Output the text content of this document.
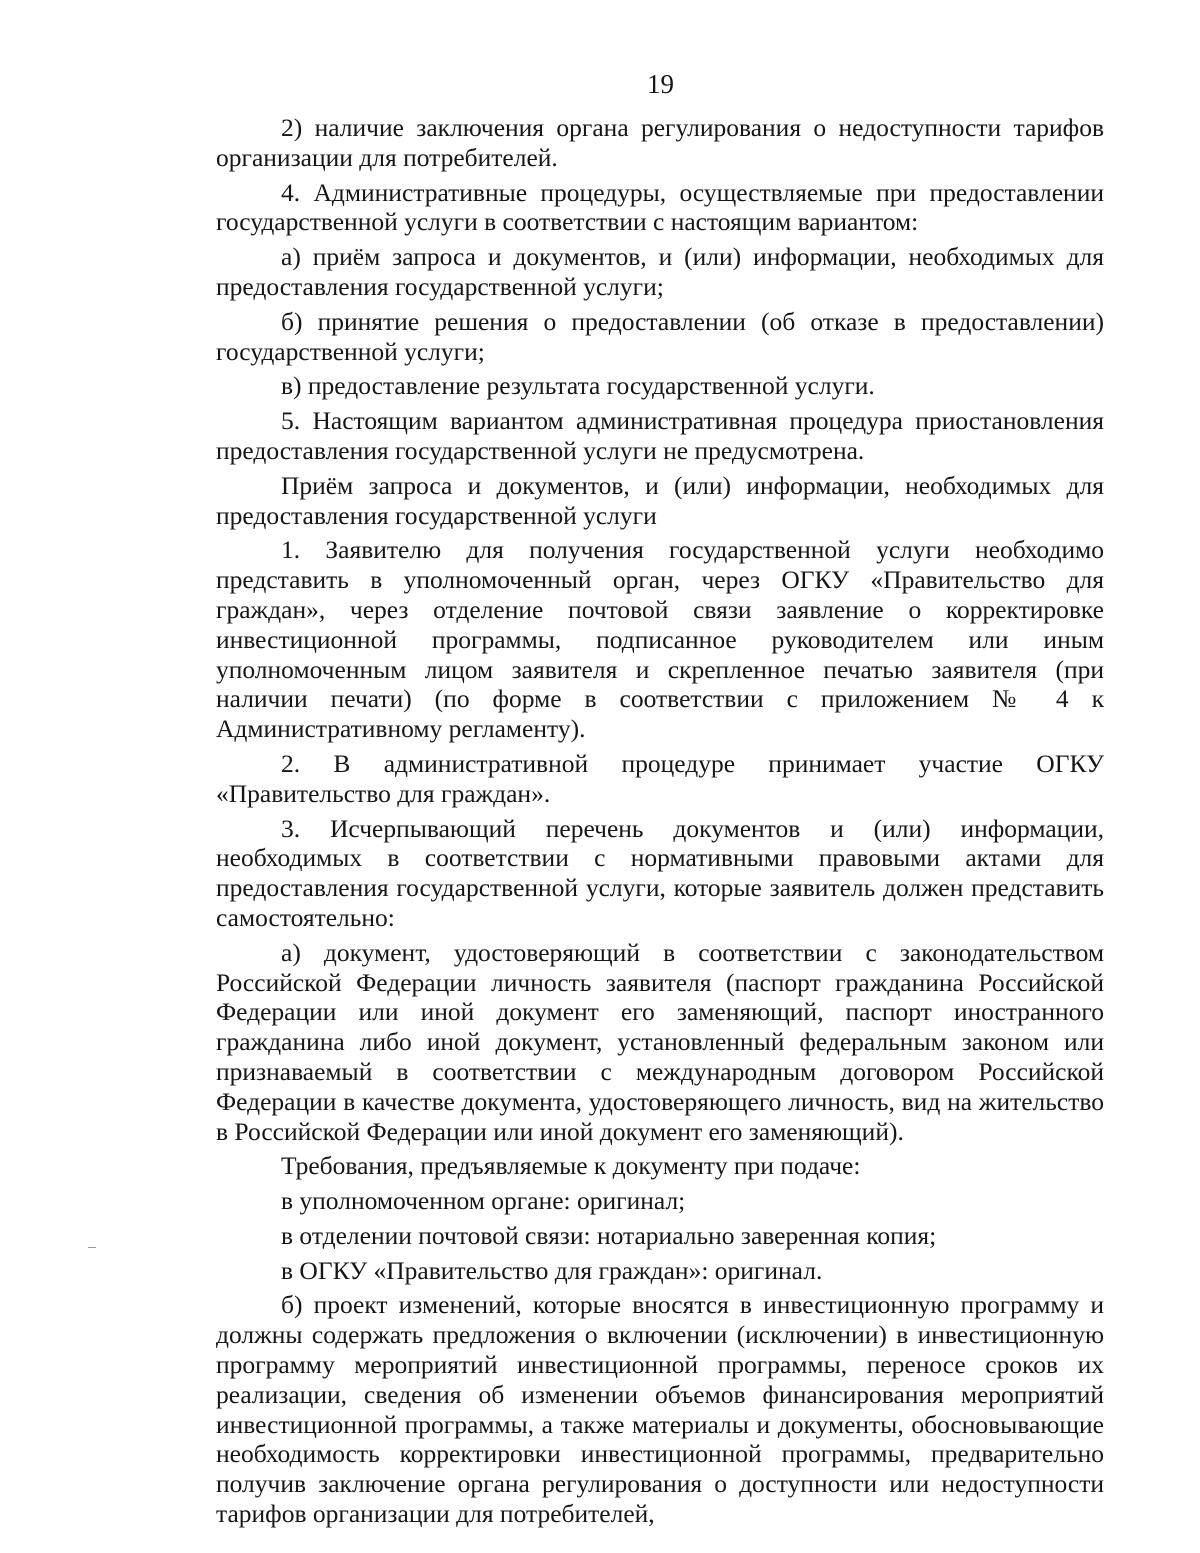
19

2) наличие заключения органа регулирования о недоступности тарифов организации для потребителей.

4. Административные процедуры, осуществляемые при предоставлении государственной услуги в соответствии с настоящим вариантом:

а) приём запроса и документов, и (или) информации, необходимых для предоставления государственной услуги;

б) принятие решения о предоставлении (об отказе в предоставлении) государственной услуги;

в) предоставление результата государственной услуги.

5. Настоящим вариантом административная процедура приостановления предоставления государственной услуги не предусмотрена.

Приём запроса и документов, и (или) информации, необходимых для предоставления государственной услуги

1. Заявителю для получения государственной услуги необходимо представить в уполномоченный орган, через ОГКУ «Правительство для граждан», через отделение почтовой связи заявление о корректировке инвестиционной программы, подписанное руководителем или иным уполномоченным лицом заявителя и скрепленное печатью заявителя (при наличии печати) (по форме в соответствии с приложением № 4 к Административному регламенту).

2. В административной процедуре принимает участие ОГКУ «Правительство для граждан».

3. Исчерпывающий перечень документов и (или) информации, необходимых в соответствии с нормативными правовыми актами для предоставления государственной услуги, которые заявитель должен представить самостоятельно:

а) документ, удостоверяющий в соответствии с законодательством Российской Федерации личность заявителя (паспорт гражданина Российской Федерации или иной документ его заменяющий, паспорт иностранного гражданина либо иной документ, установленный федеральным законом или признаваемый в соответствии с международным договором Российской Федерации в качестве документа, удостоверяющего личность, вид на жительство в Российской Федерации или иной документ его заменяющий).

Требования, предъявляемые к документу при подаче:

в уполномоченном органе: оригинал;

в отделении почтовой связи: нотариально заверенная копия;

в ОГКУ «Правительство для граждан»: оригинал.

б) проект изменений, которые вносятся в инвестиционную программу и должны содержать предложения о включении (исключении) в инвестиционную программу мероприятий инвестиционной программы, переносе сроков их реализации, сведения об изменении объемов финансирования мероприятий инвестиционной программы, а также материалы и документы, обосновывающие необходимость корректировки инвестиционной программы, предварительно получив заключение органа регулирования о доступности или недоступности тарифов организации для потребителей,
